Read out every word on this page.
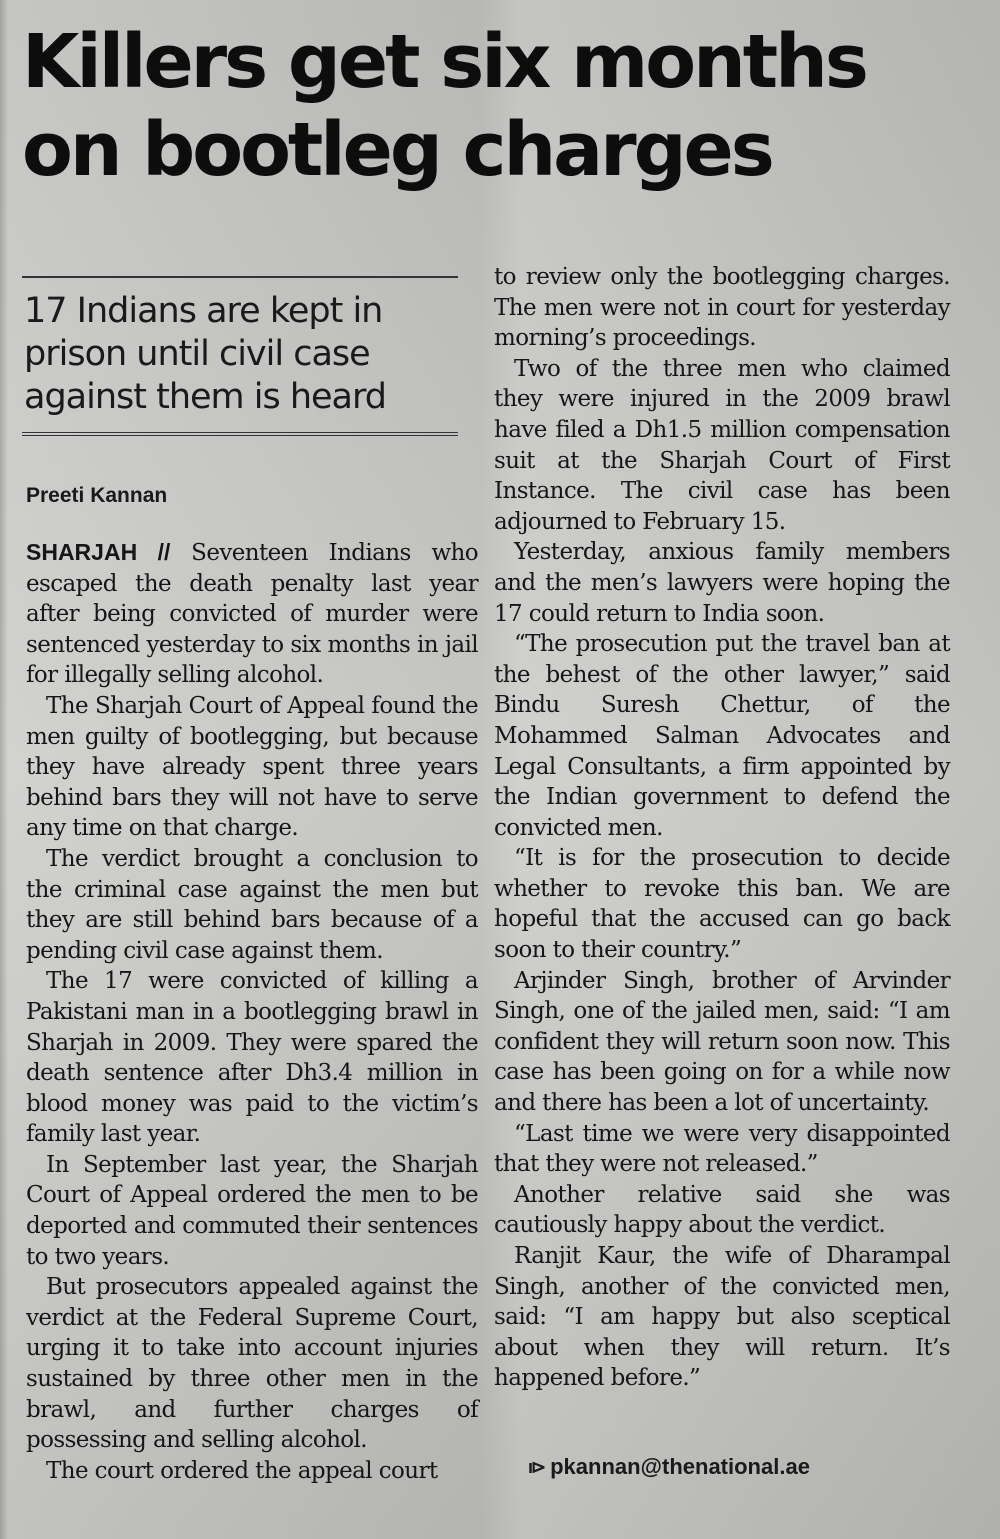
Killers get six months
on bootleg charges
17 Indians are kept in prison until civil case against them is heard
Preeti Kannan

SHARJAH // Seventeen Indians who escaped the death penalty last year after being convicted of murder were sentenced yesterday to six months in jail for illegally selling alcohol.

The Sharjah Court of Appeal found the men guilty of bootlegging, but because they have already spent three years behind bars they will not have to serve any time on that charge.

The verdict brought a conclusion to the criminal case against the men but they are still behind bars because of a pending civil case against them.

The 17 were convicted of killing a Pakistani man in a bootlegging brawl in Sharjah in 2009. They were spared the death sentence after Dh3.4 million in blood money was paid to the victim’s family last year.

In September last year, the Sharjah Court of Appeal ordered the men to be deported and commuted their sentences to two years.

But prosecutors appealed against the verdict at the Federal Supreme Court, urging it to take into account injuries sustained by three other men in the brawl, and further charges of possessing and selling alcohol.

The court ordered the appeal court

to review only the bootlegging charges. The men were not in court for yesterday morning’s proceedings.

Two of the three men who claimed they were injured in the 2009 brawl have filed a Dh1.5 million compensation suit at the Sharjah Court of First Instance. The civil case has been adjourned to February 15.

Yesterday, anxious family members and the men’s lawyers were hoping the 17 could return to India soon.

“The prosecution put the travel ban at the behest of the other lawyer,” said Bindu Suresh Chettur, of the Mohammed Salman Advocates and Legal Consultants, a firm appointed by the Indian government to defend the convicted men.

“It is for the prosecution to decide whether to revoke this ban. We are hopeful that the accused can go back soon to their country.”

Arjinder Singh, brother of Arvinder Singh, one of the jailed men, said: “I am confident they will return soon now. This case has been going on for a while now and there has been a lot of uncertainty.

“Last time we were very disappointed that they were not released.”

Another relative said she was cautiously happy about the verdict.

Ranjit Kaur, the wife of Dharampal Singh, another of the convicted men, said: “I am happy but also sceptical about when they will return. It’s happened before.”

ı⊳ pkannan@thenational.ae
